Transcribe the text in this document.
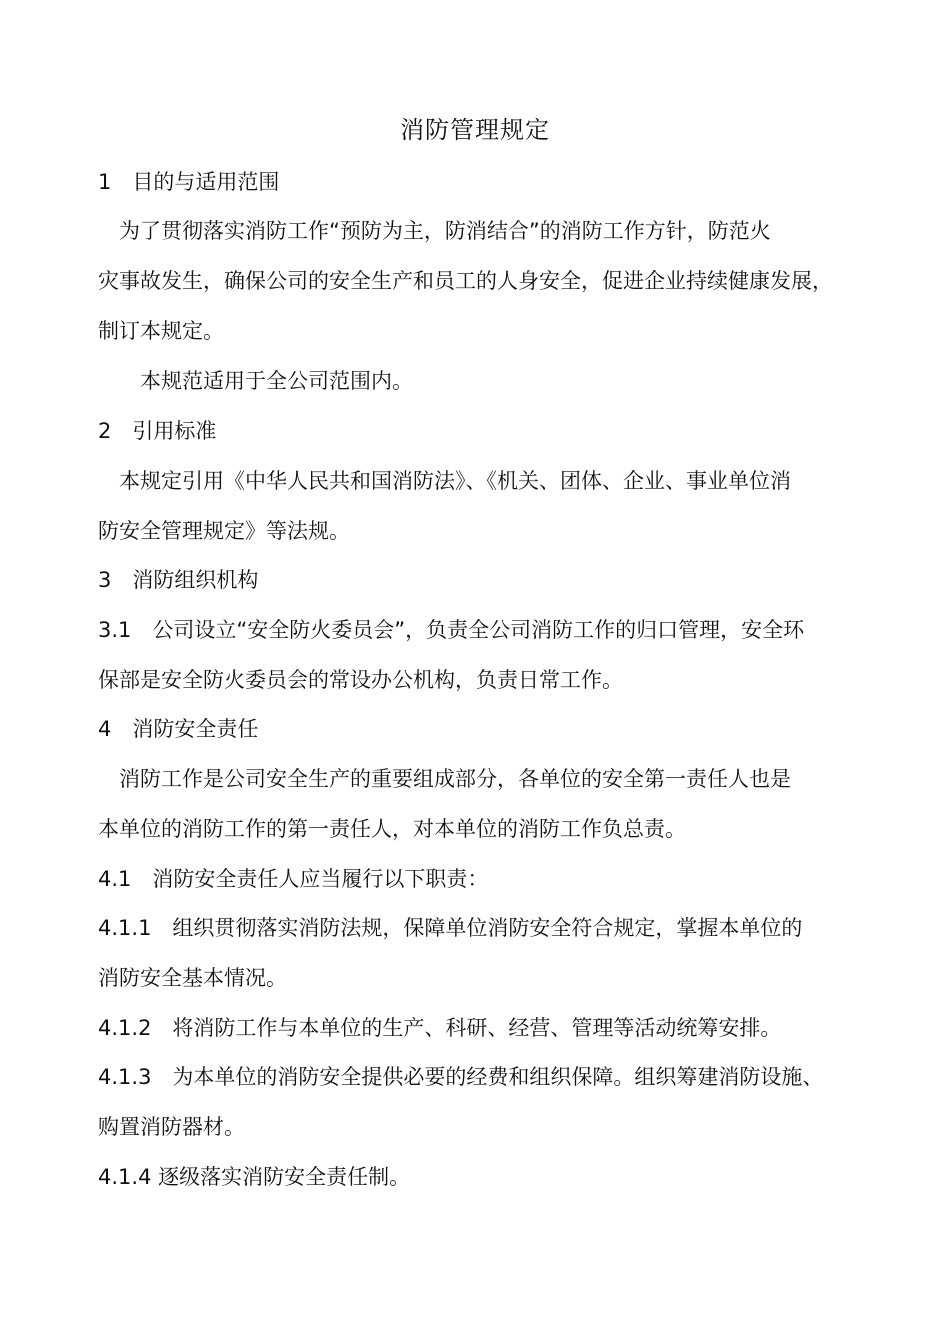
消防管理规定
1　目的与适用范围
　为了贯彻落实消防工作“预防为主，防消结合”的消防工作方针，防范火
灾事故发生，确保公司的安全生产和员工的人身安全，促进企业持续健康发展，
制订本规定。
　　本规范适用于全公司范围内。
2　引用标准
　本规定引用《中华人民共和国消防法》、《机关、团体、企业、事业单位消
防安全管理规定》等法规。
3　消防组织机构
3.1　公司设立“安全防火委员会”，负责全公司消防工作的归口管理，安全环
保部是安全防火委员会的常设办公机构，负责日常工作。
4　消防安全责任
　消防工作是公司安全生产的重要组成部分，各单位的安全第一责任人也是
本单位的消防工作的第一责任人，对本单位的消防工作负总责。
4.1　消防安全责任人应当履行以下职责：
4.1.1　组织贯彻落实消防法规，保障单位消防安全符合规定，掌握本单位的
消防安全基本情况。
4.1.2　将消防工作与本单位的生产、科研、经营、管理等活动统筹安排。
4.1.3　为本单位的消防安全提供必要的经费和组织保障。组织筹建消防设施、
购置消防器材。
4.1.4 逐级落实消防安全责任制。
